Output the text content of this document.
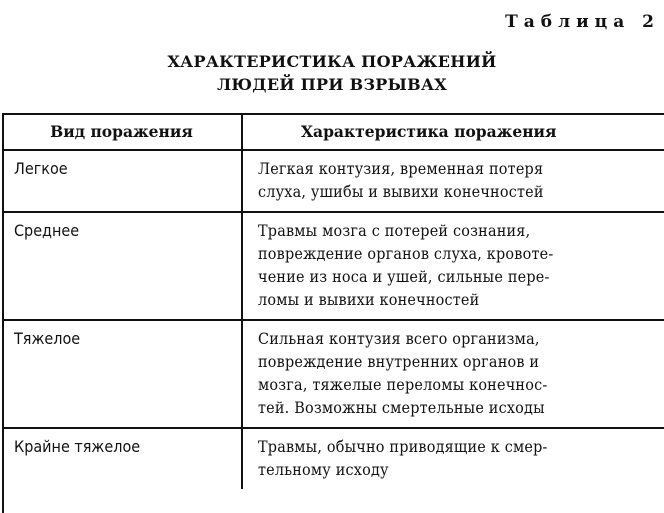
Таблица 2
ХАРАКТЕРИСТИКА ПОРАЖЕНИЙ
ЛЮДЕЙ ПРИ ВЗРЫВАХ
Вид поражения	Характеристика поражения
Легкое	Легкая контузия, временная потеря
слуха, ушибы и вывихи конечностей

Среднее	Травмы мозга с потерей сознания,
повреждение органов слуха, кровоте-
чение из носа и ушей, сильные пере-
ломы и вывихи конечностей

Тяжелое	Сильная контузия всего организма,
повреждение внутренних органов и
мозга, тяжелые переломы конечнос-
тей. Возможны смертельные исходы

Крайне тяжелое	Травмы, обычно приводящие к смер-
тельному исходу
